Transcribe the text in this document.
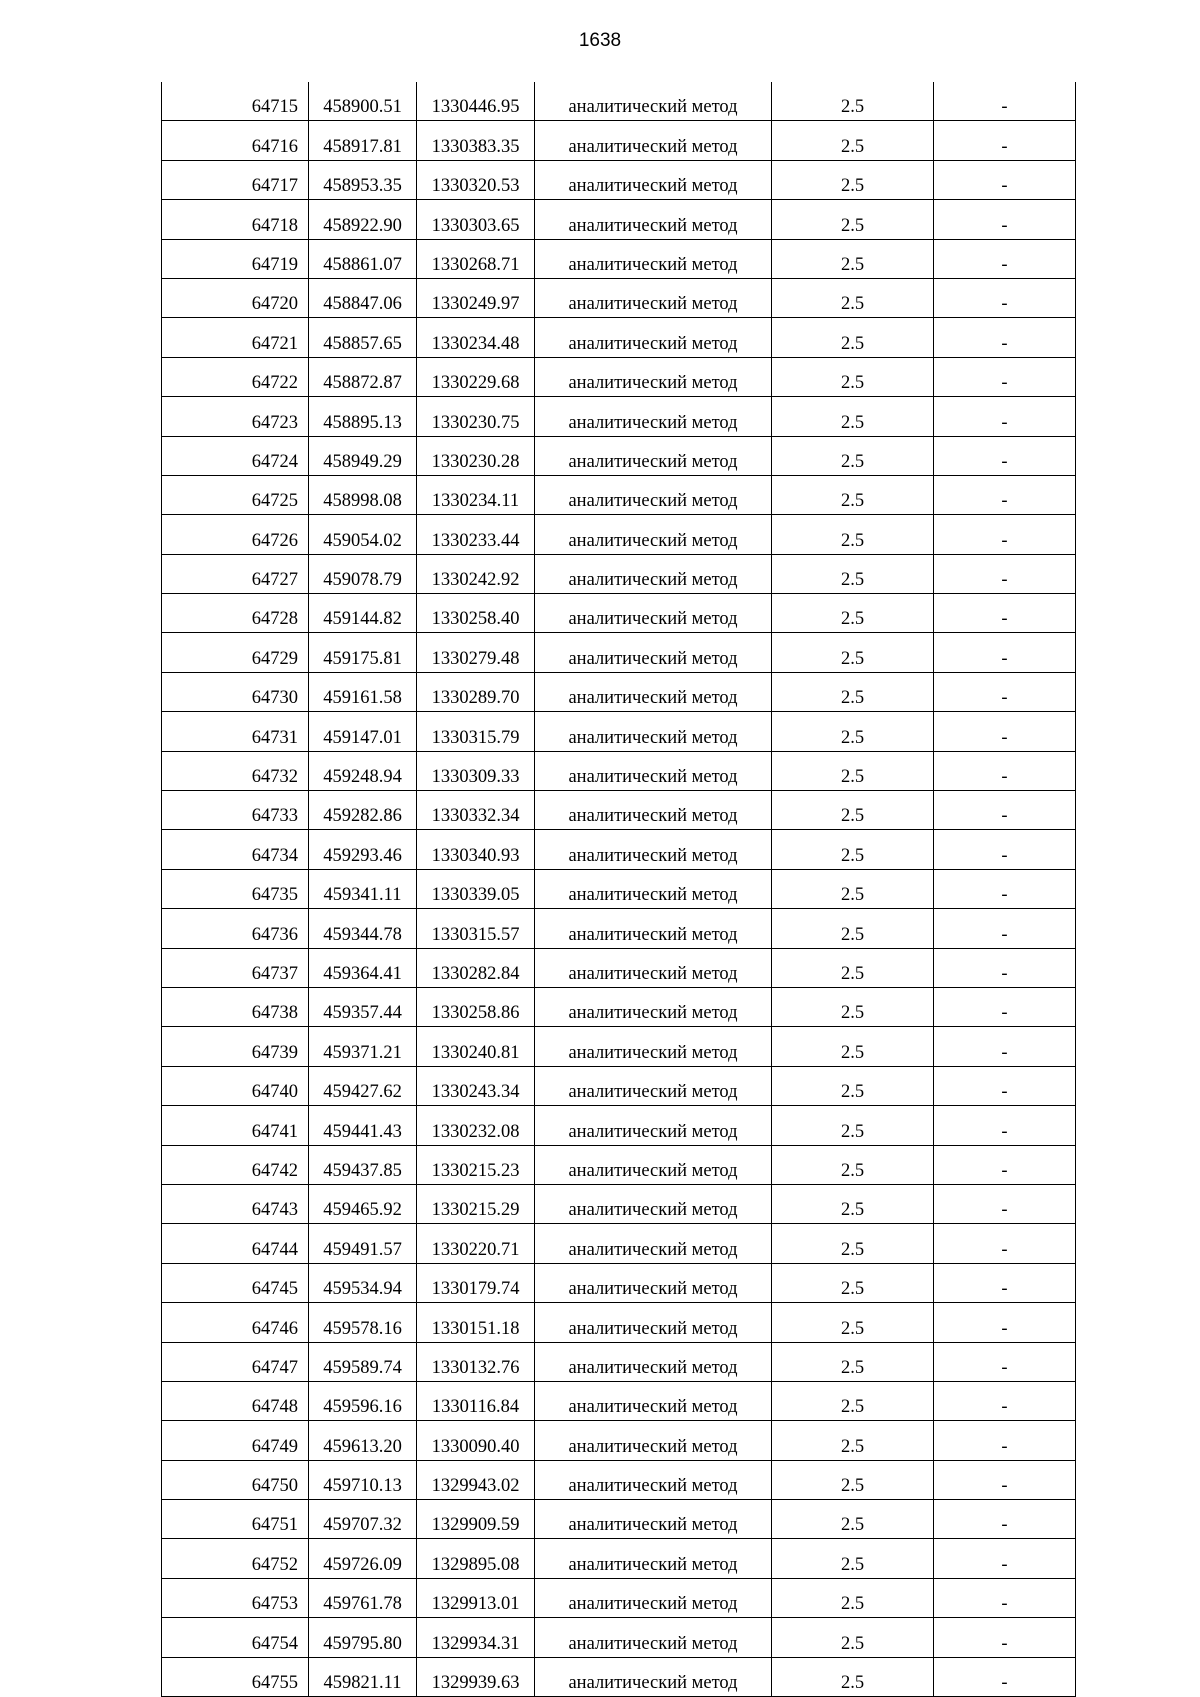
1638
64715	458900.51	1330446.95	аналитический метод	2.5	-
64716	458917.81	1330383.35	аналитический метод	2.5	-
64717	458953.35	1330320.53	аналитический метод	2.5	-
64718	458922.90	1330303.65	аналитический метод	2.5	-
64719	458861.07	1330268.71	аналитический метод	2.5	-
64720	458847.06	1330249.97	аналитический метод	2.5	-
64721	458857.65	1330234.48	аналитический метод	2.5	-
64722	458872.87	1330229.68	аналитический метод	2.5	-
64723	458895.13	1330230.75	аналитический метод	2.5	-
64724	458949.29	1330230.28	аналитический метод	2.5	-
64725	458998.08	1330234.11	аналитический метод	2.5	-
64726	459054.02	1330233.44	аналитический метод	2.5	-
64727	459078.79	1330242.92	аналитический метод	2.5	-
64728	459144.82	1330258.40	аналитический метод	2.5	-
64729	459175.81	1330279.48	аналитический метод	2.5	-
64730	459161.58	1330289.70	аналитический метод	2.5	-
64731	459147.01	1330315.79	аналитический метод	2.5	-
64732	459248.94	1330309.33	аналитический метод	2.5	-
64733	459282.86	1330332.34	аналитический метод	2.5	-
64734	459293.46	1330340.93	аналитический метод	2.5	-
64735	459341.11	1330339.05	аналитический метод	2.5	-
64736	459344.78	1330315.57	аналитический метод	2.5	-
64737	459364.41	1330282.84	аналитический метод	2.5	-
64738	459357.44	1330258.86	аналитический метод	2.5	-
64739	459371.21	1330240.81	аналитический метод	2.5	-
64740	459427.62	1330243.34	аналитический метод	2.5	-
64741	459441.43	1330232.08	аналитический метод	2.5	-
64742	459437.85	1330215.23	аналитический метод	2.5	-
64743	459465.92	1330215.29	аналитический метод	2.5	-
64744	459491.57	1330220.71	аналитический метод	2.5	-
64745	459534.94	1330179.74	аналитический метод	2.5	-
64746	459578.16	1330151.18	аналитический метод	2.5	-
64747	459589.74	1330132.76	аналитический метод	2.5	-
64748	459596.16	1330116.84	аналитический метод	2.5	-
64749	459613.20	1330090.40	аналитический метод	2.5	-
64750	459710.13	1329943.02	аналитический метод	2.5	-
64751	459707.32	1329909.59	аналитический метод	2.5	-
64752	459726.09	1329895.08	аналитический метод	2.5	-
64753	459761.78	1329913.01	аналитический метод	2.5	-
64754	459795.80	1329934.31	аналитический метод	2.5	-
64755	459821.11	1329939.63	аналитический метод	2.5	-
